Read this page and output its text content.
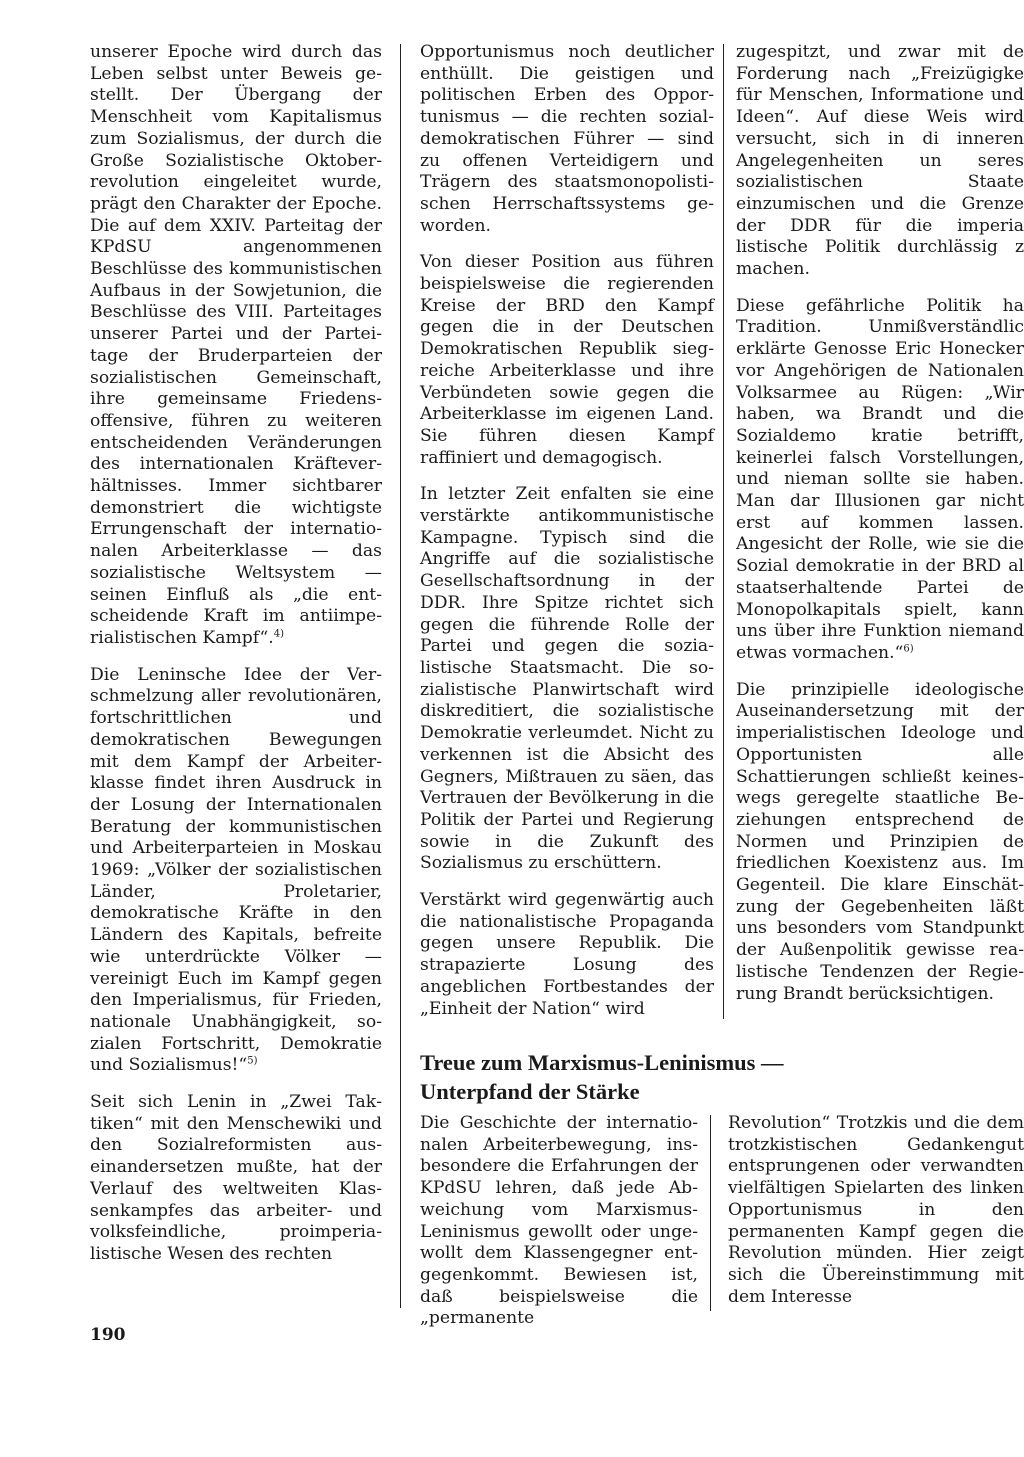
unserer Epoche wird durch das Leben selbst unter Beweis gestellt. Der Übergang der Menschheit vom Kapitalismus zum Sozialismus, der durch die Große Sozialistische Oktoberrevolution eingeleitet wurde, prägt den Charakter der Epoche. Die auf dem XXIV. Parteitag der KPdSU angenommenen Beschlüsse des kommunistischen Aufbaus in der Sowjetunion, die Beschlüsse des VIII. Parteitages unserer Partei und der Parteitage der Bruderparteien der sozialistischen Gemeinschaft, ihre gemeinsame Friedensoffensive, führen zu weiteren entscheidenden Veränderungen des internationalen Kräfteverhältnisses. Immer sichtbarer demonstriert die wichtigste Errungenschaft der internationalen Arbeiterklasse — das sozialistische Weltsystem — seinen Einfluß als „die entscheidende Kraft im antiimperialistischen Kampf“.$^{4)}$

Die Leninsche Idee der Verschmelzung aller revolutionären, fortschrittlichen und demokratischen Bewegungen mit dem Kampf der Arbeiterklasse findet ihren Ausdruck in der Losung der Internationalen Beratung der kommunistischen und Arbeiterparteien in Moskau 1969: „Völker der sozialistischen Länder, Proletarier, demokratische Kräfte in den Ländern des Kapitals, befreite wie unterdrückte Völker — vereinigt Euch im Kampf gegen den Imperialismus, für Frieden, nationale Unabhängigkeit, sozialen Fortschritt, Demokratie und Sozialismus!“$^{5)}$

Seit sich Lenin in „Zwei Taktiken“ mit den Menschewiki und den Sozialreformisten auseinandersetzen mußte, hat der Verlauf des weltweiten Klassenkampfes das arbeiter- und volksfeindliche, proimperialistische Wesen des rechten

Opportunismus noch deutlicher enthüllt. Die geistigen und politischen Erben des Opportunismus — die rechten sozialdemokratischen Führer — sind zu offenen Verteidigern und Trägern des staatsmonopolistischen Herrschaftssystems geworden.

Von dieser Position aus führen beispielsweise die regierenden Kreise der BRD den Kampf gegen die in der Deutschen Demokratischen Republik siegreiche Arbeiterklasse und ihre Verbündeten sowie gegen die Arbeiterklasse im eigenen Land. Sie führen diesen Kampf raffiniert und demagogisch.

In letzter Zeit enfalten sie eine verstärkte antikommunistische Kampagne. Typisch sind die Angriffe auf die sozialistische Gesellschaftsordnung in der DDR. Ihre Spitze richtet sich gegen die führende Rolle der Partei und gegen die sozialistische Staatsmacht. Die sozialistische Planwirtschaft wird diskreditiert, die sozialistische Demokratie verleumdet. Nicht zu verkennen ist die Absicht des Gegners, Mißtrauen zu säen, das Vertrauen der Bevölkerung in die Politik der Partei und Regierung sowie in die Zukunft des Sozialismus zu erschüttern.

Verstärkt wird gegenwärtig auch die nationalistische Propaganda gegen unsere Republik. Die strapazierte Losung des angeblichen Fortbestandes der „Einheit der Nation“ wird

zugespitzt, und zwar mit de Forderung nach „Freizügigke für Menschen, Informatione und Ideen“. Auf diese Weis wird versucht, sich in di inneren Angelegenheiten un seres sozialistischen Staate einzumischen und die Grenze der DDR für die imperia listische Politik durchlässig z machen.

Diese gefährliche Politik ha Tradition. Unmißverständlic erklärte Genosse Eric Honecker vor Angehörigen de Nationalen Volksarmee au Rügen: „Wir haben, wa Brandt und die Sozialdemo kratie betrifft, keinerlei falsch Vorstellungen, und nieman sollte sie haben. Man dar Illusionen gar nicht erst auf kommen lassen. Angesicht der Rolle, wie sie die Sozial demokratie in der BRD al staatserhaltende Partei de Monopolkapitals spielt, kann uns über ihre Funktion niemand etwas vormachen.“$^{6)}$

Die prinzipielle ideologische Auseinandersetzung mit der imperialistischen Ideologe und Opportunisten alle Schattierungen schließt keineswegs geregelte staatliche Beziehungen entsprechend de Normen und Prinzipien de friedlichen Koexistenz aus. Im Gegenteil. Die klare Einschätzung der Gegebenheiten läßt uns besonders vom Standpunkt der Außenpolitik gewisse realistische Tendenzen der Regierung Brandt berücksichtigen.

Treue zum Marxismus-Leninismus —
Unterpfand der Stärke

Die Geschichte der internationalen Arbeiterbewegung, insbesondere die Erfahrungen der KPdSU lehren, daß jede Abweichung vom Marxismus-Leninismus gewollt oder ungewollt dem Klassengegner entgegenkommt. Bewiesen ist, daß beispielsweise die „permanente

Revolution“ Trotzkis und die dem trotzkistischen Gedankengut entsprungenen oder verwandten vielfältigen Spielarten des linken Opportunismus in den permanenten Kampf gegen die Revolution münden. Hier zeigt sich die Übereinstimmung mit dem Interesse

190
